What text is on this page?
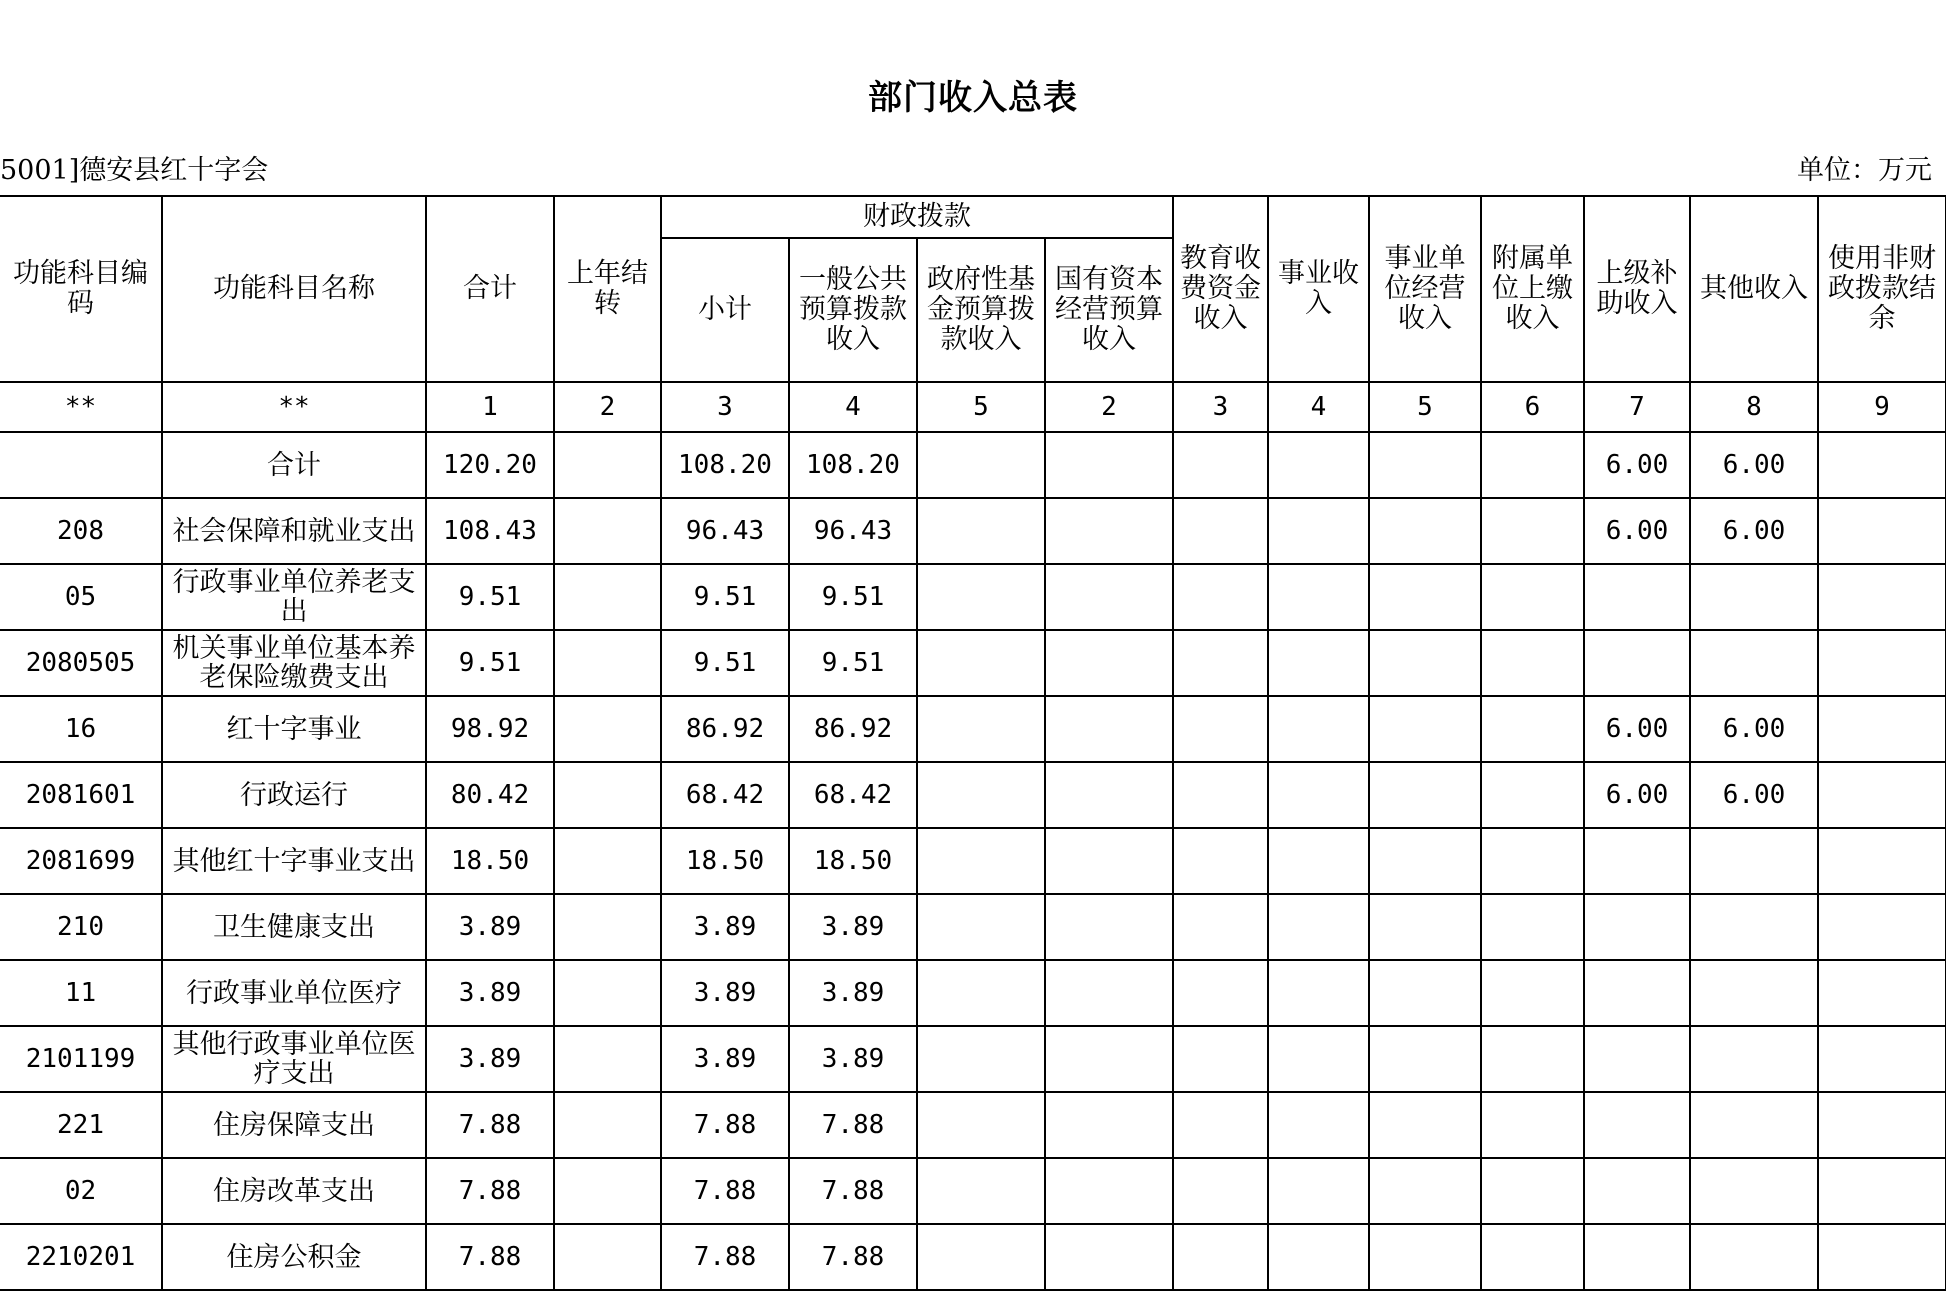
部门收入总表
5001]德安县红十字会	单位：万元
功能科目编码	功能科目名称	合计	上年结转	财政拨款				教育收费资金收入	事业收入	事业单位经营收入	附属单位上缴收入	上级补助收入	其他收入	使用非财政拨款结余
				小计	一般公共预算拨款收入	政府性基金预算拨款收入	国有资本经营预算收入							
**	**	1	2	3	4	5	2	3	4	5	6	7	8	9
	合计	120.20		108.20	108.20							6.00	6.00	
208	社会保障和就业支出	108.43		96.43	96.43							6.00	6.00	
05	行政事业单位养老支出	9.51		9.51	9.51									
2080505	机关事业单位基本养老保险缴费支出	9.51		9.51	9.51									
16	红十字事业	98.92		86.92	86.92							6.00	6.00	
2081601	行政运行	80.42		68.42	68.42							6.00	6.00	
2081699	其他红十字事业支出	18.50		18.50	18.50									
210	卫生健康支出	3.89		3.89	3.89									
11	行政事业单位医疗	3.89		3.89	3.89									
2101199	其他行政事业单位医疗支出	3.89		3.89	3.89									
221	住房保障支出	7.88		7.88	7.88									
02	住房改革支出	7.88		7.88	7.88									
2210201	住房公积金	7.88		7.88	7.88									
